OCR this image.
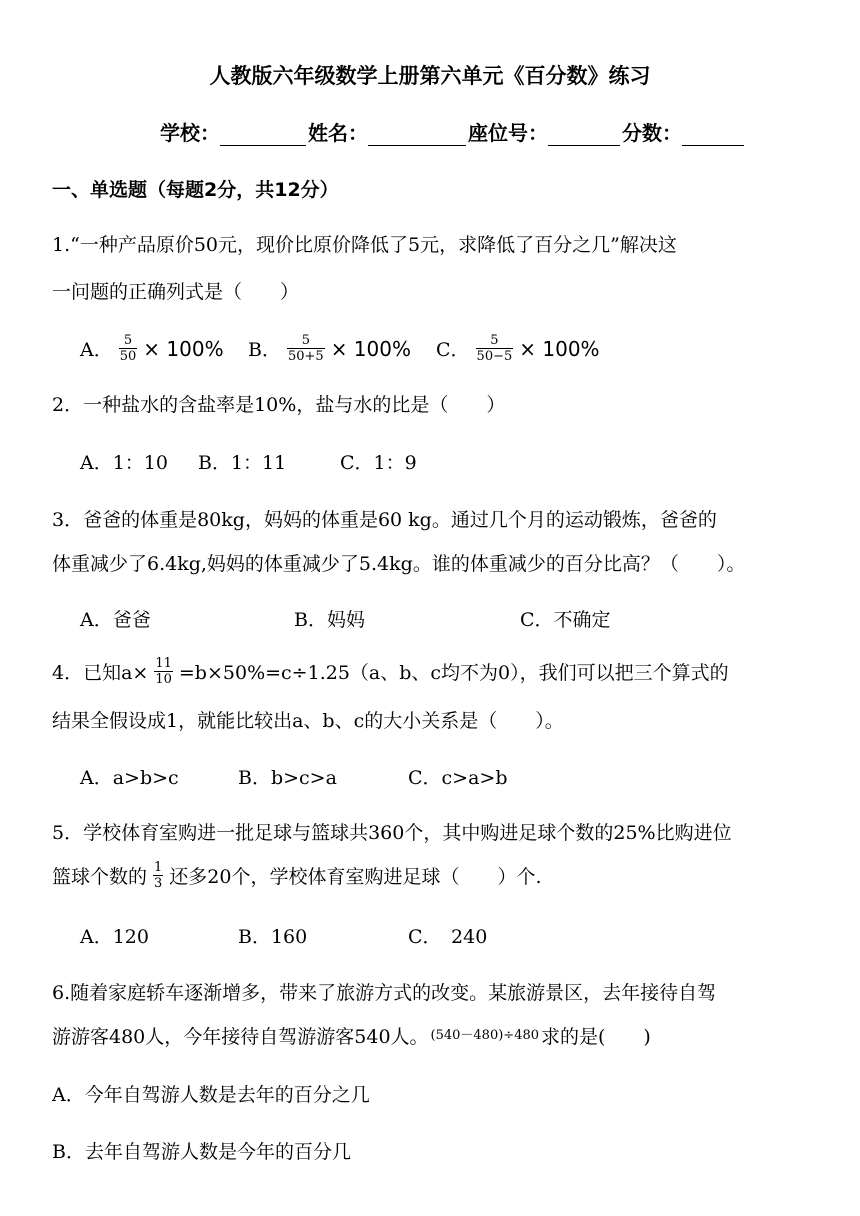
人教版六年级数学上册第六单元《百分数》练习
学校：	姓名：	座位号：	分数：
一、单选题（每题2分，共12分）
1.“一种产品原价50元，现价比原价降低了5元，求降低了百分之几”解决这
一问题的正确列式是（　　）
A． $\frac{5}{50} \times 100\%$ B． $\frac{5}{50+5} \times 100\%$ C． $\frac{5}{50-5} \times 100\%$
2．一种盐水的含盐率是10%，盐与水的比是（　　）
A．1：10 B．1：11	C．1：9
3．爸爸的体重是80kg，妈妈的体重是60 kg。通过几个月的运动锻炼，爸爸的
体重减少了6.4kg,妈妈的体重减少了5.4kg。谁的体重减少的百分比高？（　　）。
A．爸爸	B．妈妈	C．不确定
4．已知$a\times \frac{11}{10} =b\times 50\%=c\div 1.25(a$、b、c均不为0），我们可以把三个算式的
结果全假设成1，就能比较出a、b、c的大小关系是（　　）。
A．a>b>c	B．b>c>a	C．c>a>b
5．学校体育室购进一批足球与篮球共360个，其中购进足球个数的25%比购进位
篮球个数的 $\frac{1}{3}$ 还多20个，学校体育室购进足球（　　）个.
A．120	B．160	C．　240
6.随着家庭轿车逐渐增多，带来了旅游方式的改变。某旅游景区，去年接待自驾
游游客480人，今年接待自驾游游客540人。 (540－480)÷480 求的是(　　)
A．今年自驾游人数是去年的百分之几
B．去年自驾游人数是今年的百分几
